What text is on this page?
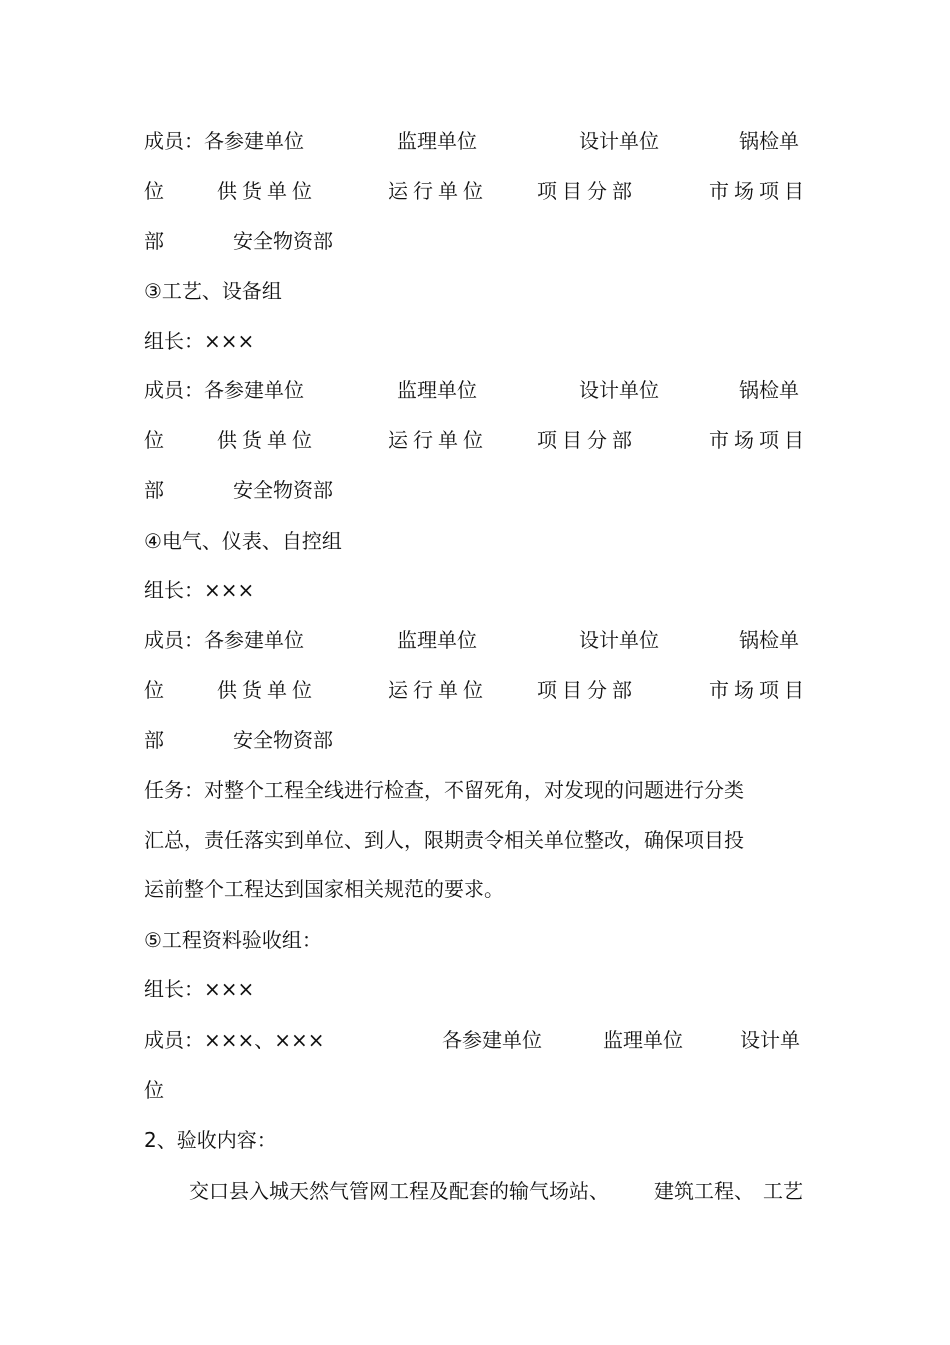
成员：各参建单位	监理单位	设计单位	锅检单
位	供货单位	运行单位 项目分部	市场项目
部	安全物资部
③工艺、设备组
组长：×××
成员：各参建单位	监理单位	设计单位	锅检单
位	供货单位	运行单位 项目分部	市场项目
部	安全物资部
④电气、仪表、自控组
组长：×××
成员：各参建单位	监理单位	设计单位	锅检单
位	供货单位	运行单位 项目分部	市场项目
部	安全物资部
任务：对整个工程全线进行检查，不留死角，对发现的问题进行分类
汇总，责任落实到单位、到人，限期责令相关单位整改，确保项目投
运前整个工程达到国家相关规范的要求。
⑤工程资料验收组：
组长：×××
成员：×××、×××	各参建单位	监理单位	设计单
位
2、验收内容：
交口县入城天然气管网工程及配套的输气场站、 建筑工程、 工艺
